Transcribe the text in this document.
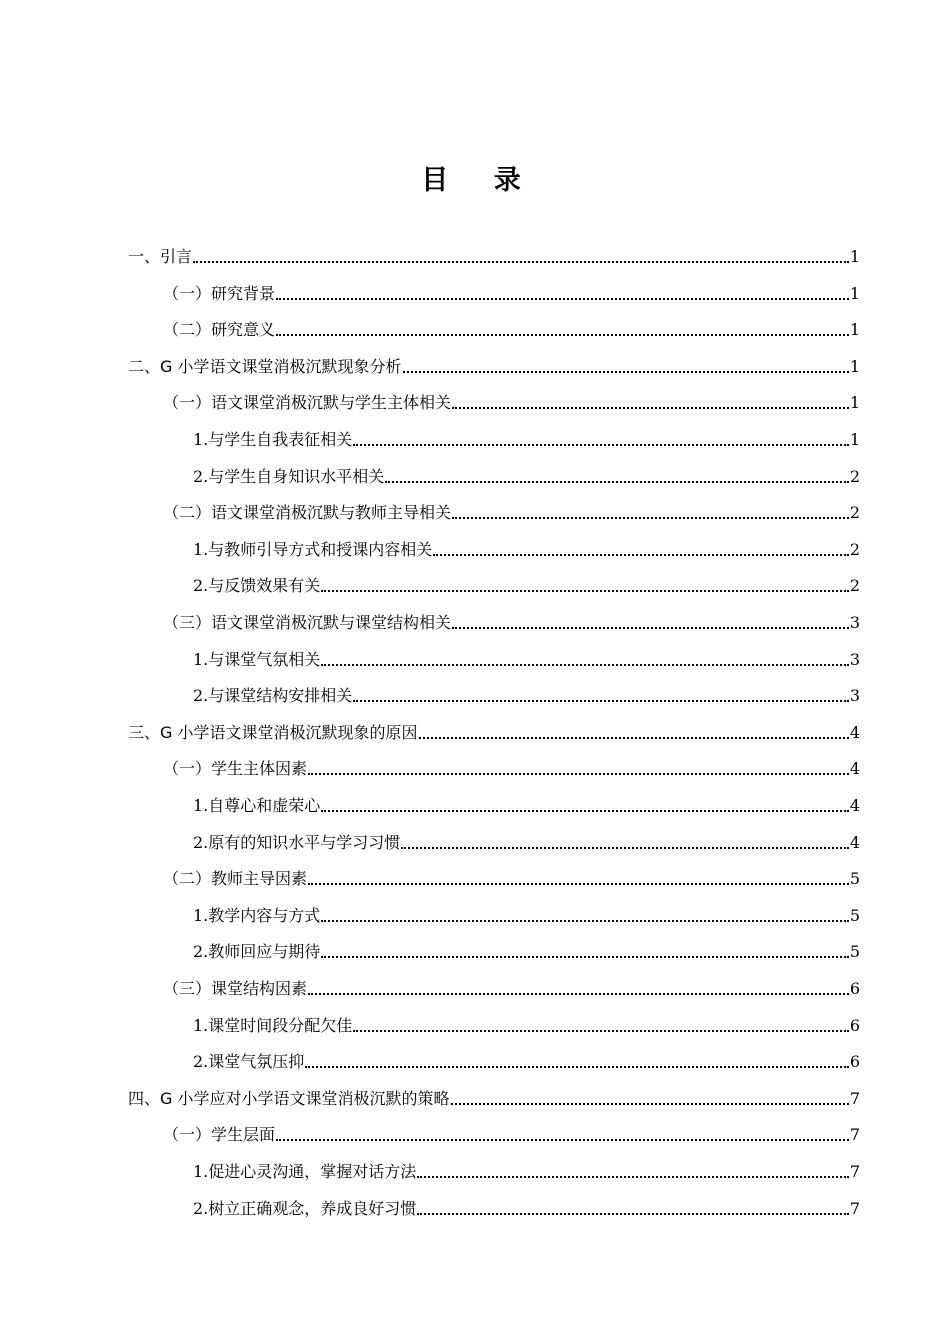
目 录
一、引言	1
（一）研究背景	1
（二）研究意义	1
二、G 小学语文课堂消极沉默现象分析	1
（一）语文课堂消极沉默与学生主体相关	1
1.与学生自我表征相关	1
2.与学生自身知识水平相关	2
（二）语文课堂消极沉默与教师主导相关	2
1.与教师引导方式和授课内容相关	2
2.与反馈效果有关	2
（三）语文课堂消极沉默与课堂结构相关	3
1.与课堂气氛相关	3
2.与课堂结构安排相关	3
三、G 小学语文课堂消极沉默现象的原因	4
（一）学生主体因素	4
1.自尊心和虚荣心	4
2.原有的知识水平与学习习惯	4
（二）教师主导因素	5
1.教学内容与方式	5
2.教师回应与期待	5
（三）课堂结构因素	6
1.课堂时间段分配欠佳	6
2.课堂气氛压抑	6
四、G 小学应对小学语文课堂消极沉默的策略	7
（一）学生层面	7
1.促进心灵沟通，掌握对话方法	7
2.树立正确观念，养成良好习惯	7
